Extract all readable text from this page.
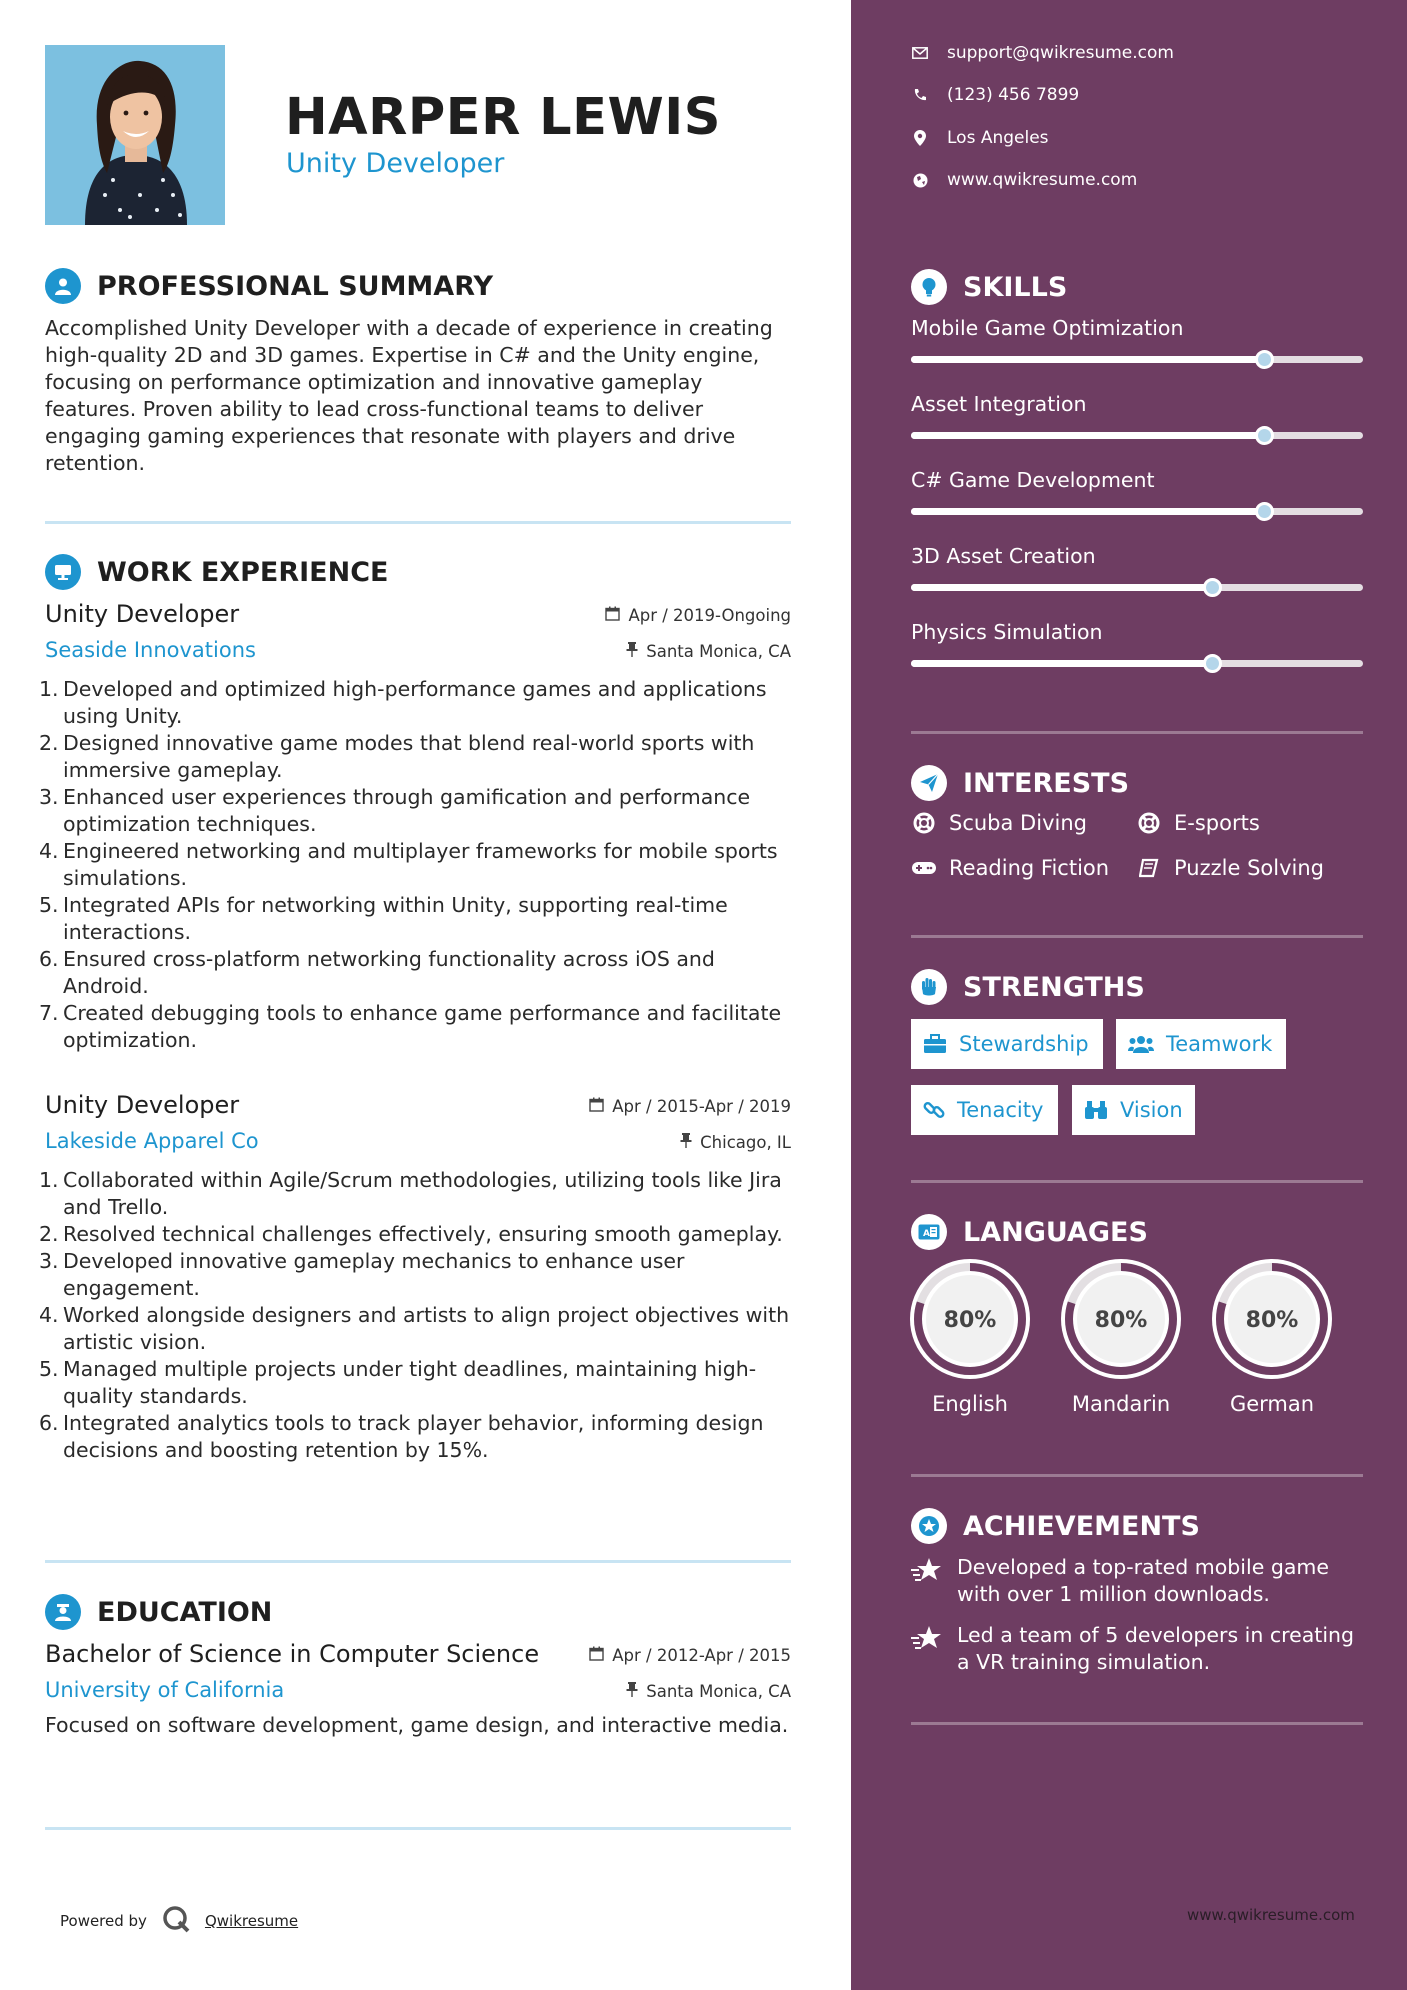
HARPER LEWIS
Unity Developer
PROFESSIONAL SUMMARY
Accomplished Unity Developer with a decade of experience in creating high-quality 2D and 3D games. Expertise in C# and the Unity engine, focusing on performance optimization and innovative gameplay features. Proven ability to lead cross-functional teams to deliver engaging gaming experiences that resonate with players and drive retention.
WORK EXPERIENCE
Unity Developer	Apr / 2019-Ongoing
Seaside Innovations	Santa Monica, CA
1. Developed and optimized high-performance games and applications using Unity.
2. Designed innovative game modes that blend real-world sports with immersive gameplay.
3. Enhanced user experiences through gamification and performance optimization techniques.
4. Engineered networking and multiplayer frameworks for mobile sports simulations.
5. Integrated APIs for networking within Unity, supporting real-time interactions.
6. Ensured cross-platform networking functionality across iOS and Android.
7. Created debugging tools to enhance game performance and facilitate optimization.
Unity Developer	Apr / 2015-Apr / 2019
Lakeside Apparel Co	Chicago, IL
1. Collaborated within Agile/Scrum methodologies, utilizing tools like Jira and Trello.
2. Resolved technical challenges effectively, ensuring smooth gameplay.
3. Developed innovative gameplay mechanics to enhance user engagement.
4. Worked alongside designers and artists to align project objectives with artistic vision.
5. Managed multiple projects under tight deadlines, maintaining high-quality standards.
6. Integrated analytics tools to track player behavior, informing design decisions and boosting retention by 15%.
EDUCATION
Bachelor of Science in Computer Science	Apr / 2012-Apr / 2015
University of California	Santa Monica, CA
Focused on software development, game design, and interactive media.
Powered by	Qwikresume
support@qwikresume.com
(123) 456 7899
Los Angeles
www.qwikresume.com
SKILLS
Mobile Game Optimization
Asset Integration
C# Game Development
3D Asset Creation
Physics Simulation
INTERESTS
Scuba Diving	E-sports
Reading Fiction	Puzzle Solving
STRENGTHS
Stewardship	Teamwork
Tenacity	Vision
A LANGUAGES
80%
English
80%
Mandarin
80%
German
ACHIEVEMENTS
Developed a top-rated mobile game with over 1 million downloads.
Led a team of 5 developers in creating a VR training simulation.
www.qwikresume.com
